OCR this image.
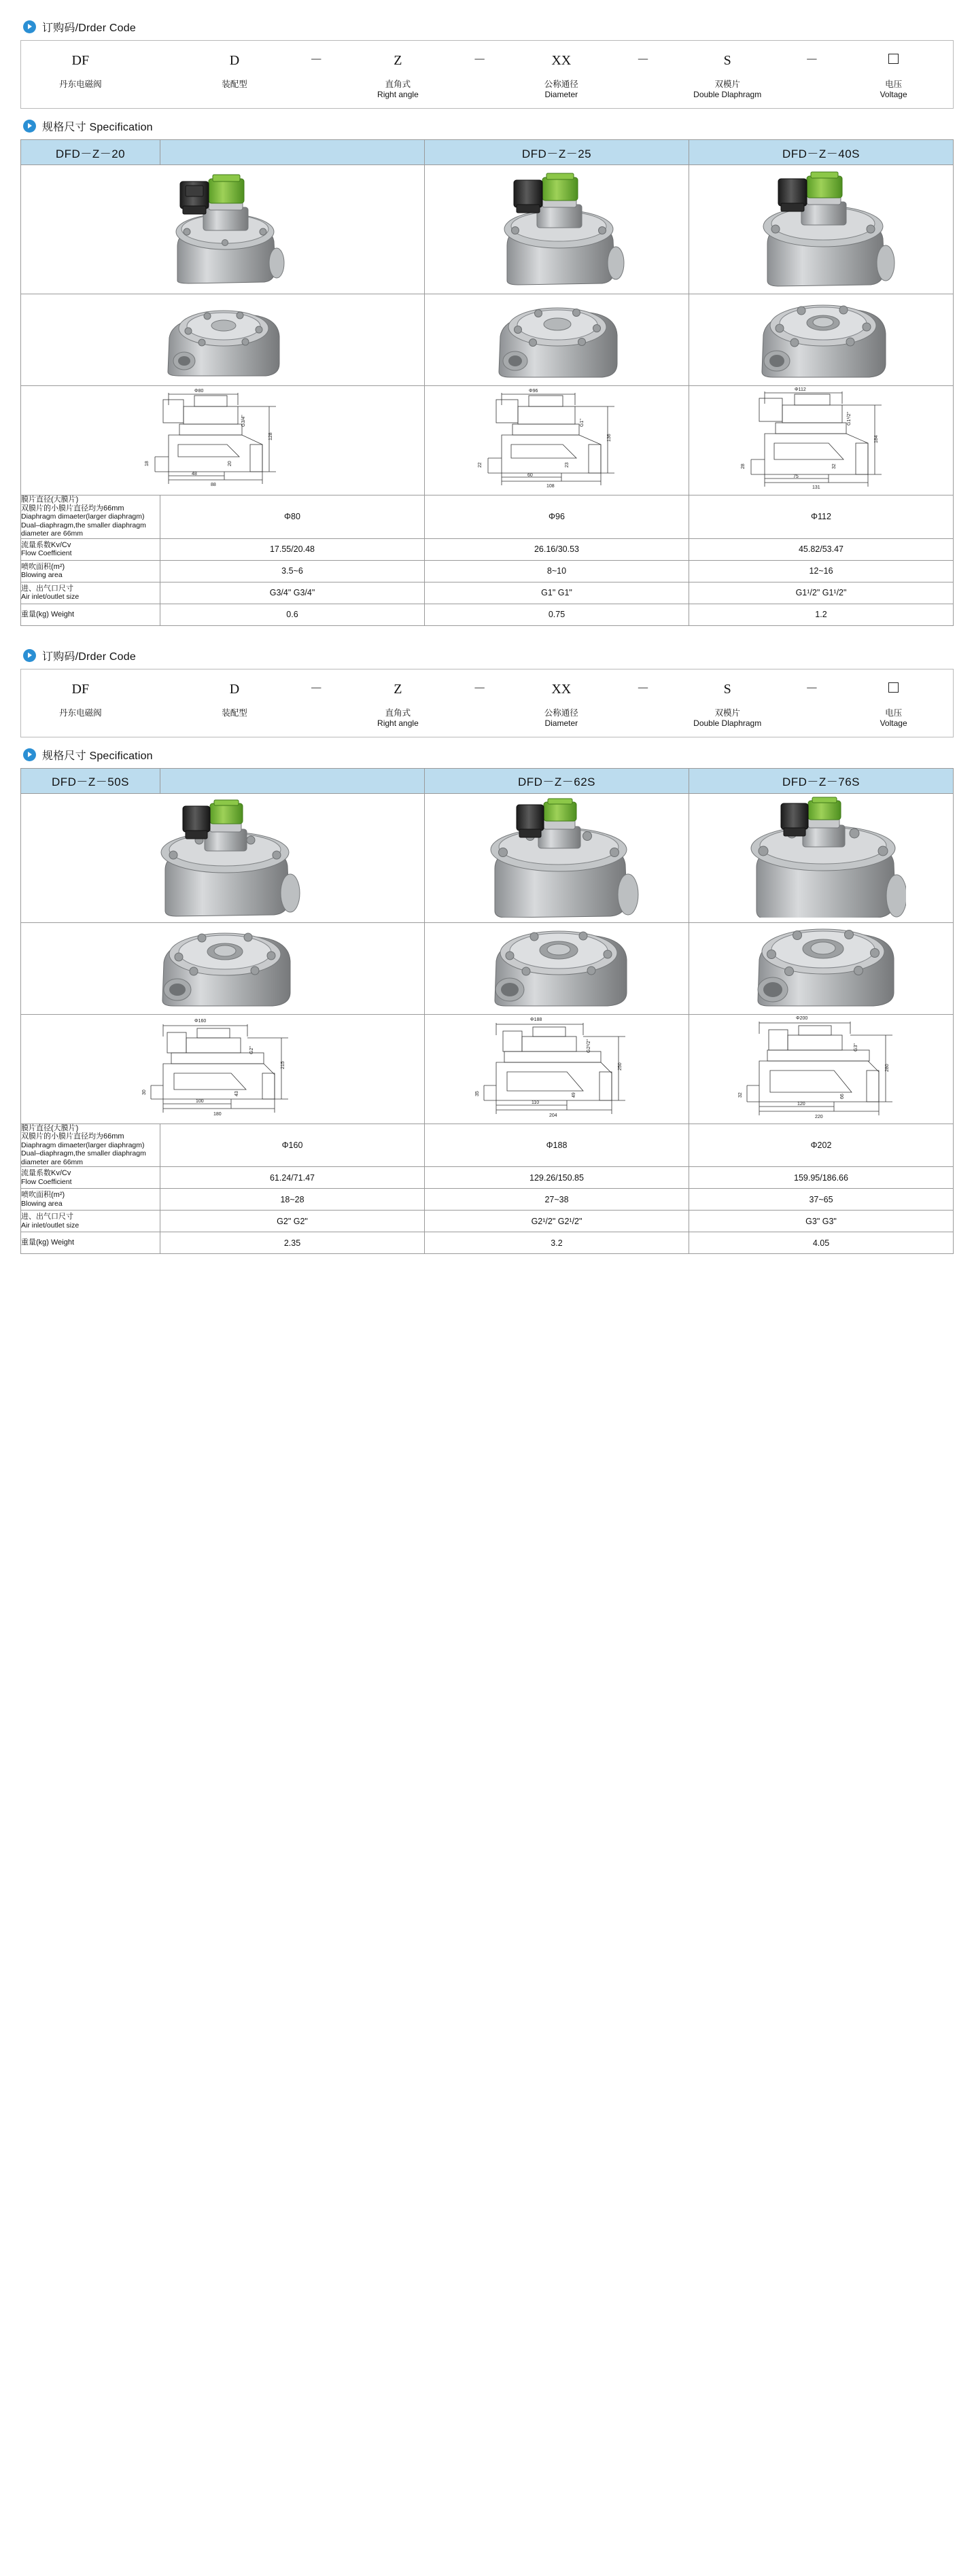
订购码/Drder Code
DF
丹东电磁阀

D
装配型
－	Z
直角式
Right angle
－	XX
公称通径
Diameter
－	S
双模片
Double Dlaphragm
－
电压
Voltage
规格尺寸 Specification
DFD－Z－20		DFD－Z－25	DFD－Z－40S

Φ80
128
48
88
18	20
G3/4"

Φ96
136
60
108
22	23
G1"

Φ112
184
75
131
28	32
G1¹/2"

膜片直径(大膜片)
双膜片的小膜片直径均为66mm
Diaphragm dimaeter(larger diaphragm)
Dual–diaphragm,the smaller diaphragm
diameter are 66mm	Φ80	Φ96	Φ112

流量系数Kv/Cv
Flow Coefficient	17.55/20.48	26.16/30.53	45.82/53.47

喷吹面积(m²)
Blowing area	3.5~6	8~10	12~16

进、出气口尺寸
Air inlet/outlet size	G3/4" G3/4"	G1" G1"	G1¹/2" G1¹/2"

重量(kg) Weight	0.6	0.75	1.2
订购码/Drder Code
DF
丹东电磁阀

D
装配型
－	Z
直角式
Right angle
－	XX
公称通径
Diameter
－	S
双模片
Double Dlaphragm
－
电压
Voltage
规格尺寸 Specification
DFD－Z－50S		DFD－Z－62S	DFD－Z－76S

Φ160
215
100
180
30	43
G2"

Φ188
250
110
204
35	49
G2¹/2"

Φ200
280
120
220
32	66
G3"

膜片直径(大膜片)
双膜片的小膜片直径均为66mm
Diaphragm dimaeter(larger diaphragm)
Dual–diaphragm,the smaller diaphragm
diameter are 66mm	Φ160	Φ188	Φ202

流量系数Kv/Cv
Flow Coefficient	61.24/71.47	129.26/150.85	159.95/186.66

喷吹面积(m²)
Blowing area	18~28	27~38	37~65

进、出气口尺寸
Air inlet/outlet size	G2" G2"	G2¹/2" G2¹/2"	G3" G3"

重量(kg) Weight	2.35	3.2	4.05
